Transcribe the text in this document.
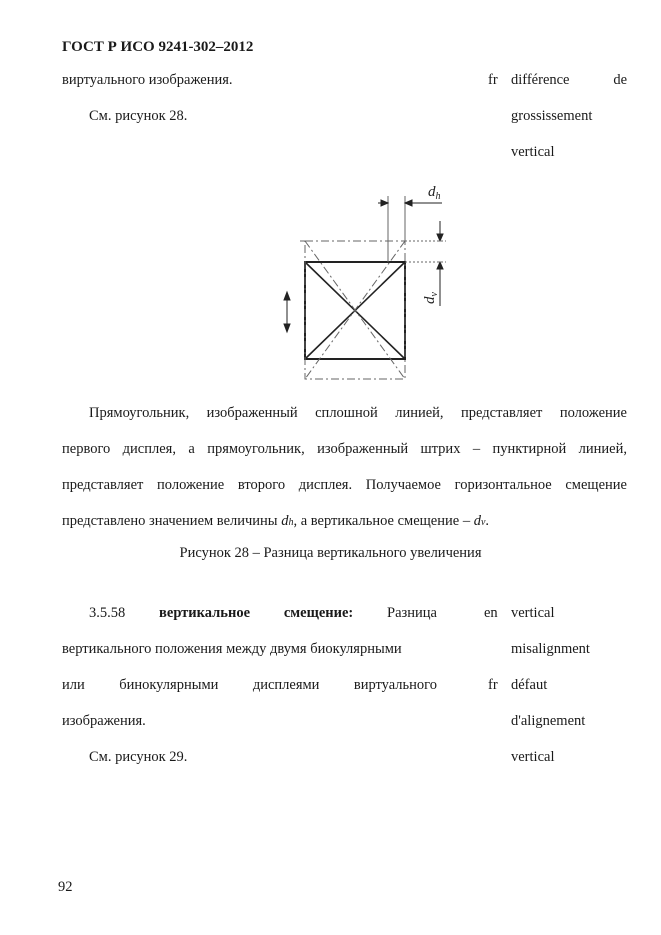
ГОСТ Р ИСО 9241-302–2012
виртуального изображения.
См. рисунок 28.
fr différence	de
grossissement
vertical
$d_h$
$d_v$
Прямоугольник, изображенный сплошной линией, представляет положение
первого дисплея, а прямоугольник, изображенный штрих – пунктирной линией,
представляет положение второго дисплея. Получаемое горизонтальное смещение
представлено значением величины dh, а вертикальное смещение – dv.
Рисунок 28 – Разница вертикального увеличения
3.5.58 вертикальное смещение: Разница
вертикального положения между двумя биокулярными
или бинокулярными дисплеями виртуального
изображения.
См. рисунок 29.
en vertical
misalignment
fr défaut
d'alignement
vertical
92
